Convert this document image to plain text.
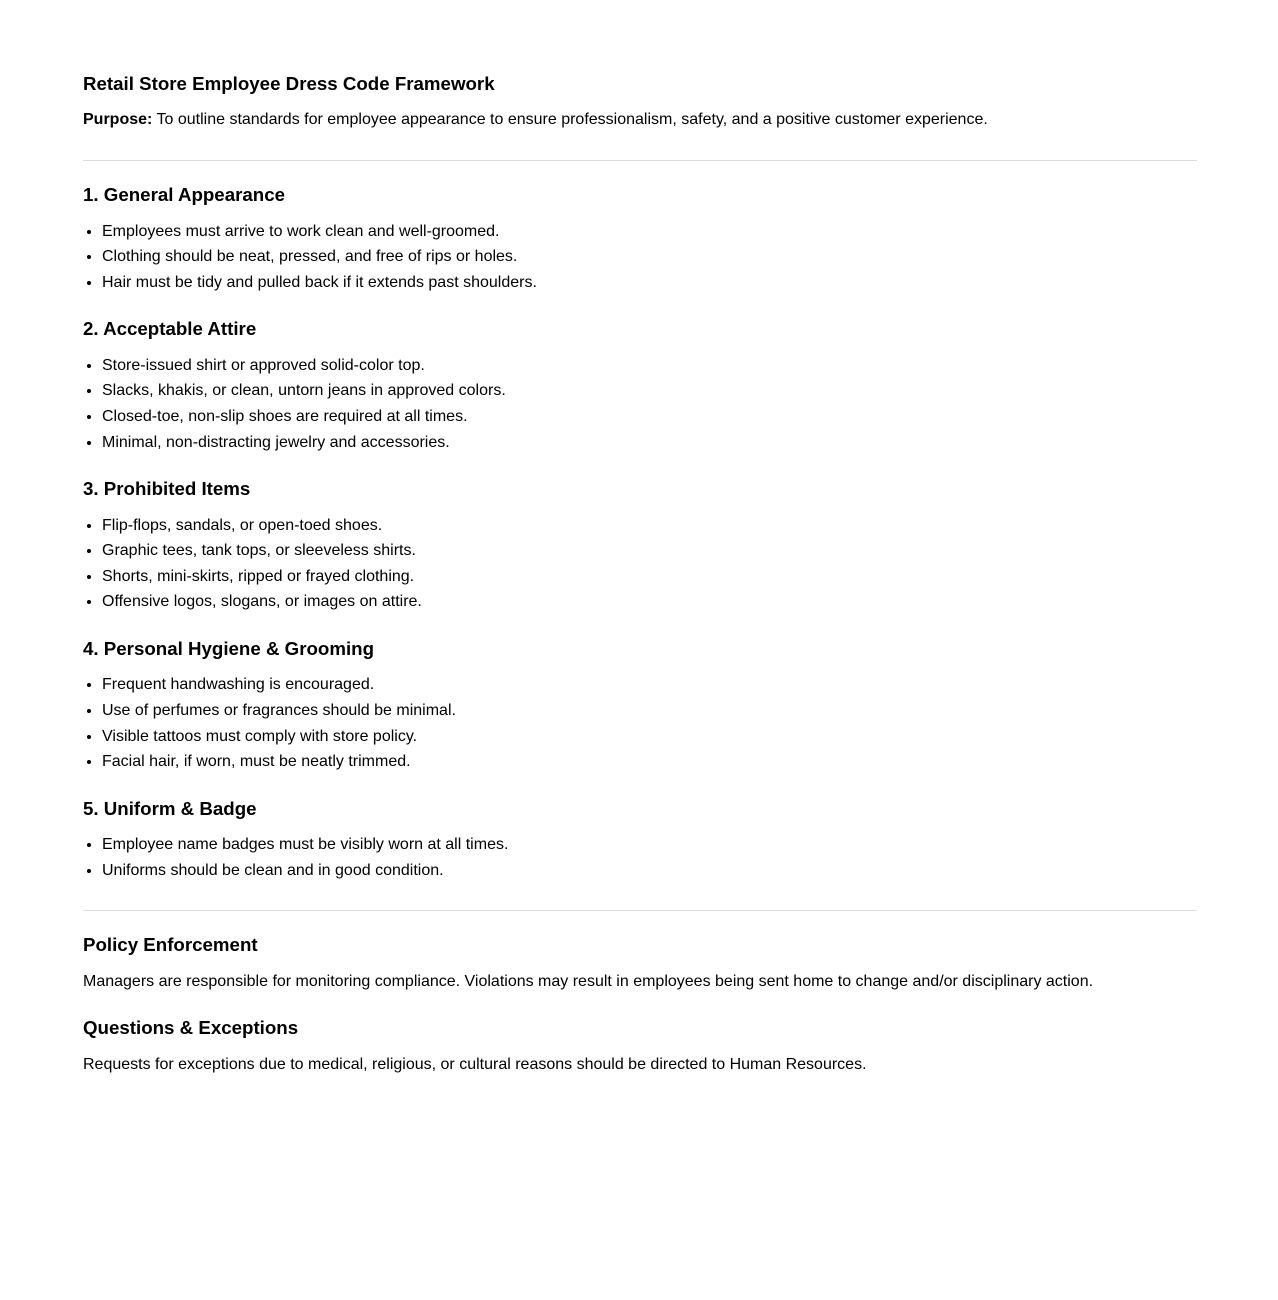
Retail Store Employee Dress Code Framework

Purpose: To outline standards for employee appearance to ensure professionalism, safety, and a positive customer experience.

1. General Appearance
• Employees must arrive to work clean and well-groomed.
• Clothing should be neat, pressed, and free of rips or holes.
• Hair must be tidy and pulled back if it extends past shoulders.
2. Acceptable Attire
• Store-issued shirt or approved solid-color top.
• Slacks, khakis, or clean, untorn jeans in approved colors.
• Closed-toe, non-slip shoes are required at all times.
• Minimal, non-distracting jewelry and accessories.
3. Prohibited Items
• Flip-flops, sandals, or open-toed shoes.
• Graphic tees, tank tops, or sleeveless shirts.
• Shorts, mini-skirts, ripped or frayed clothing.
• Offensive logos, slogans, or images on attire.
4. Personal Hygiene & Grooming
• Frequent handwashing is encouraged.
• Use of perfumes or fragrances should be minimal.
• Visible tattoos must comply with store policy.
• Facial hair, if worn, must be neatly trimmed.
5. Uniform & Badge
• Employee name badges must be visibly worn at all times.
• Uniforms should be clean and in good condition.
Policy Enforcement

Managers are responsible for monitoring compliance. Violations may result in employees being sent home to change and/or disciplinary action.

Questions & Exceptions

Requests for exceptions due to medical, religious, or cultural reasons should be directed to Human Resources.
